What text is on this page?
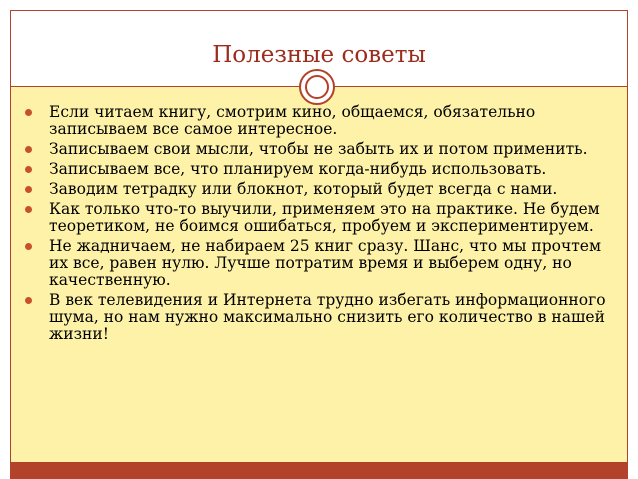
Полезные советы
Если читаем книгу, смотрим кино, общаемся, обязательно записываем все самое интересное.
Записываем свои мысли, чтобы не забыть их и потом применить.
Записываем все, что планируем когда-нибудь использовать.
Заводим тетрадку или блокнот, который будет всегда с нами.
Как только что-то выучили, применяем это на практике. Не будем теоретиком, не боимся ошибаться, пробуем и экспериментируем.
Не жадничаем, не набираем 25 книг сразу. Шанс, что мы прочтем их все, равен нулю. Лучше потратим время и выберем одну, но качественную.
В век телевидения и Интернета трудно избегать информационного шума, но нам нужно максимально снизить его количество в нашей жизни!
